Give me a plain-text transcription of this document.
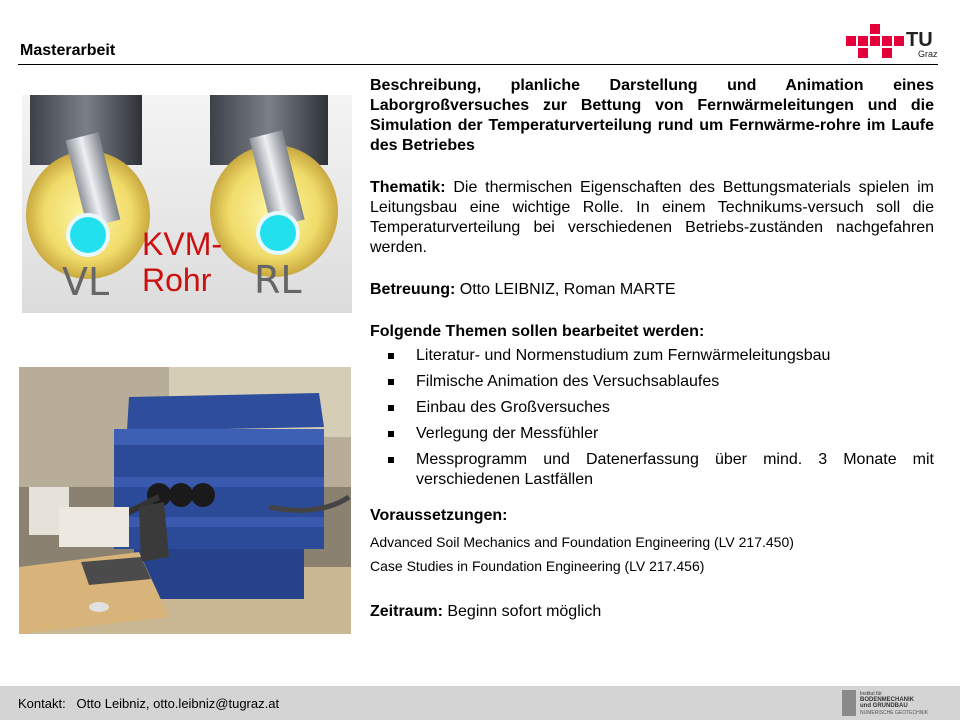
Masterarbeit	TU
Graz
VL	RL
KVM-
Rohr
Beschreibung, planliche Darstellung und Animation eines Laborgroßversuches zur Bettung von Fernwärmeleitungen und die Simulation der Temperaturverteilung rund um Fernwärme-rohre im Laufe des Betriebes
Thematik: Die thermischen Eigenschaften des Bettungsmaterials spielen im Leitungsbau eine wichtige Rolle. In einem Technikums-versuch soll die Temperaturverteilung bei verschiedenen Betriebs-zuständen nachgefahren werden.
Betreuung: Otto LEIBNIZ, Roman MARTE
Folgende Themen sollen bearbeitet werden:
Literatur- und Normenstudium zum Fernwärmeleitungsbau
Filmische Animation des Versuchsablaufes
Einbau des Großversuches
Verlegung der Messfühler
Messprogramm und Datenerfassung über mind. 3 Monate mit verschiedenen Lastfällen
Voraussetzungen:
Advanced Soil Mechanics and Foundation Engineering (LV 217.450)
Case Studies in Foundation Engineering (LV 217.456)
Zeitraum: Beginn sofort möglich
Kontakt:   Otto Leibniz, otto.leibniz@tugraz.at
Institut für
BODENMECHANIK
und GRUNDBAU
NUMERISCHE GEOTECHNIK
